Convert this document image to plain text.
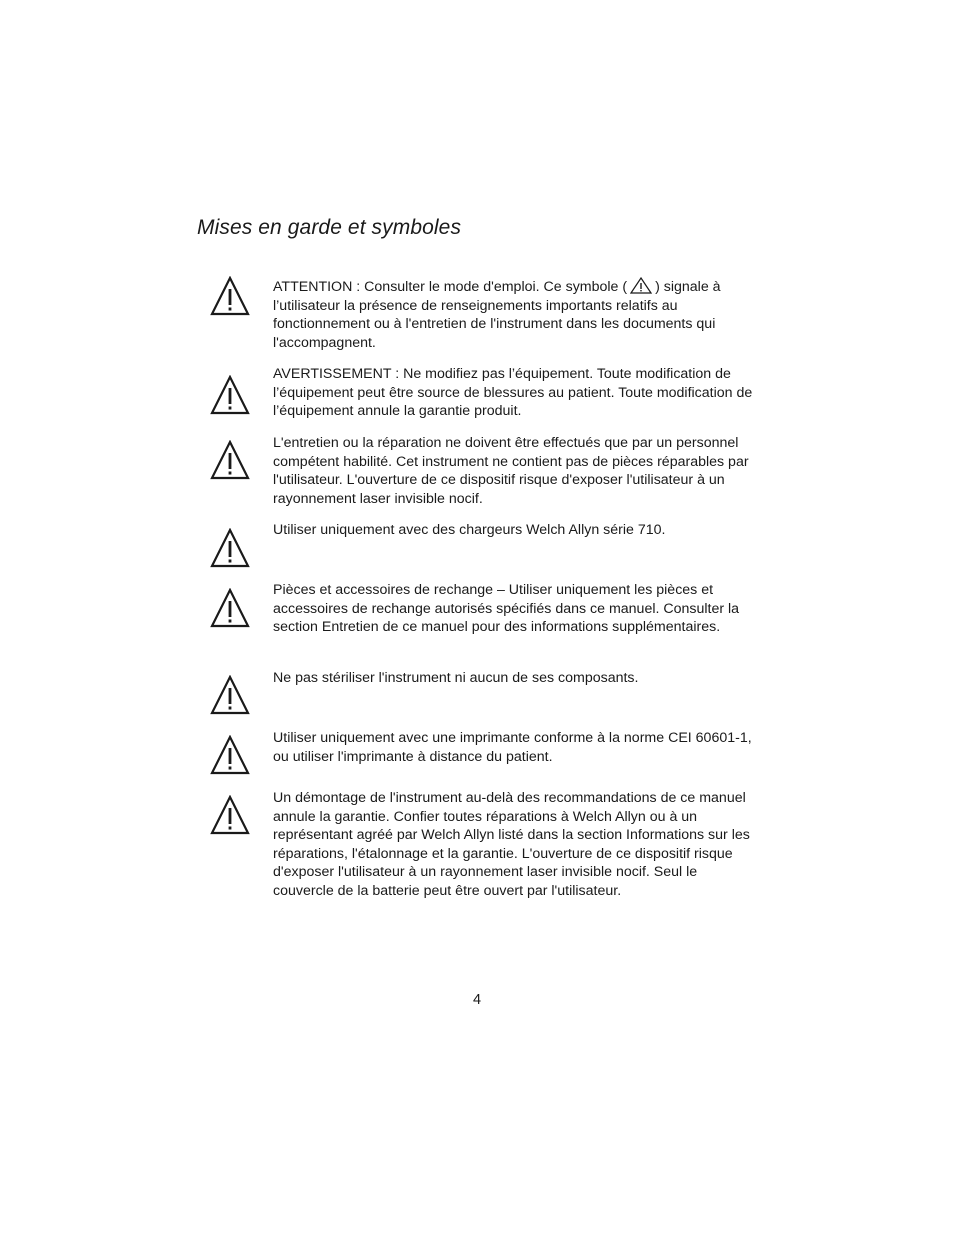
Mises en garde et symboles

ATTENTION : Consulter le mode d'emploi. Ce symbole ( ) signale à l’utilisateur la présence de renseignements importants relatifs au fonctionnement ou à l'entretien de l'instrument dans les documents qui l'accompagnent.

AVERTISSEMENT : Ne modifiez pas l’équipement. Toute modification de l’équipement peut être source de blessures au patient. Toute modification de l’équipement annule la garantie produit.

L'entretien ou la réparation ne doivent être effectués que par un personnel compétent habilité. Cet instrument ne contient pas de pièces réparables par l'utilisateur. L'ouverture de ce dispositif risque d'exposer l'utilisateur à un rayonnement laser invisible nocif.

Utiliser uniquement avec des chargeurs Welch Allyn série 710.

Pièces et accessoires de rechange – Utiliser uniquement les pièces et accessoires de rechange autorisés spécifiés dans ce manuel. Consulter la section Entretien de ce manuel pour des informations supplémentaires.

Ne pas stériliser l'instrument ni aucun de ses composants.

Utiliser uniquement avec une imprimante conforme à la norme CEI 60601-1, ou utiliser l'imprimante à distance du patient.

Un démontage de l'instrument au-delà des recommandations de ce manuel annule la garantie. Confier toutes réparations à Welch Allyn ou à un représentant agréé par Welch Allyn listé dans la section Informations sur les réparations, l'étalonnage et la garantie. L'ouverture de ce dispositif risque d'exposer l'utilisateur à un rayonnement laser invisible nocif. Seul le couvercle de la batterie peut être ouvert par l'utilisateur.

4
